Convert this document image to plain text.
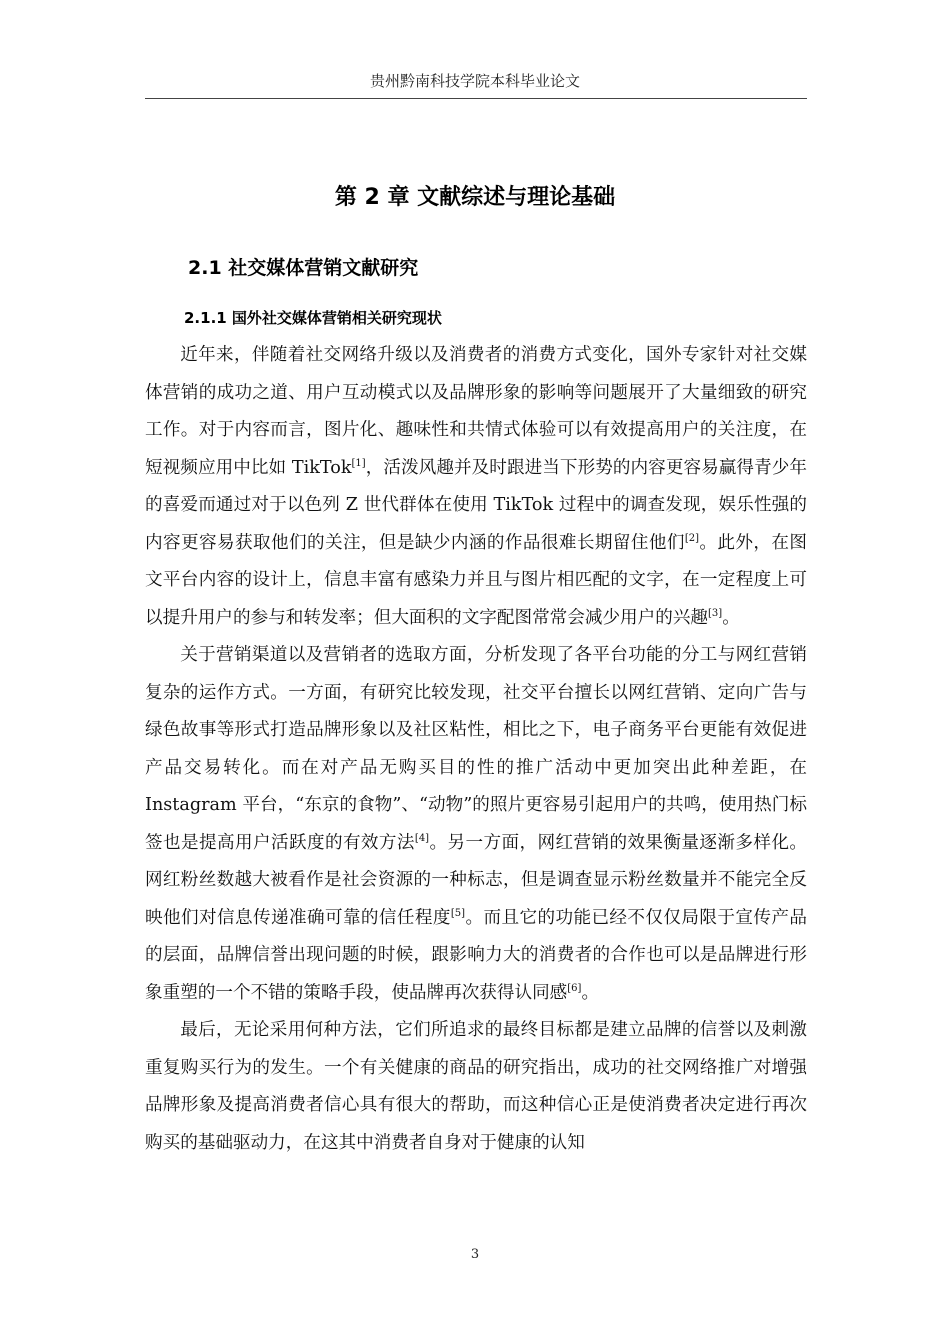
贵州黔南科技学院本科毕业论文
第 2 章 文献综述与理论基础
2.1 社交媒体营销文献研究
2.1.1 国外社交媒体营销相关研究现状

近年来，伴随着社交网络升级以及消费者的消费方式变化，国外专家针对社交媒体营销的成功之道、用户互动模式以及品牌形象的影响等问题展开了大量细致的研究工作。对于内容而言，图片化、趣味性和共情式体验可以有效提高用户的关注度，在短视频应用中比如 TikTok[1]，活泼风趣并及时跟进当下形势的内容更容易赢得青少年的喜爱而通过对于以色列 Z 世代群体在使用 TikTok 过程中的调查发现，娱乐性强的内容更容易获取他们的关注，但是缺少内涵的作品很难长期留住他们[2]。此外，在图文平台内容的设计上，信息丰富有感染力并且与图片相匹配的文字，在一定程度上可以提升用户的参与和转发率；但大面积的文字配图常常会减少用户的兴趣[3]。

关于营销渠道以及营销者的选取方面，分析发现了各平台功能的分工与网红营销复杂的运作方式。一方面，有研究比较发现，社交平台擅长以网红营销、定向广告与绿色故事等形式打造品牌形象以及社区粘性，相比之下，电子商务平台更能有效促进产品交易转化。而在对产品无购买目的性的推广活动中更加突出此种差距，在 Instagram 平台，“东京的食物”、“动物”的照片更容易引起用户的共鸣，使用热门标签也是提高用户活跃度的有效方法[4]。另一方面，网红营销的效果衡量逐渐多样化。网红粉丝数越大被看作是社会资源的一种标志，但是调查显示粉丝数量并不能完全反映他们对信息传递准确可靠的信任程度[5]。而且它的功能已经不仅仅局限于宣传产品的层面，品牌信誉出现问题的时候，跟影响力大的消费者的合作也可以是品牌进行形象重塑的一个不错的策略手段，使品牌再次获得认同感[6]。

最后，无论采用何种方法，它们所追求的最终目标都是建立品牌的信誉以及刺激重复购买行为的发生。一个有关健康的商品的研究指出，成功的社交网络推广对增强品牌形象及提高消费者信心具有很大的帮助，而这种信心正是使消费者决定进行再次购买的基础驱动力，在这其中消费者自身对于健康的认知

3
